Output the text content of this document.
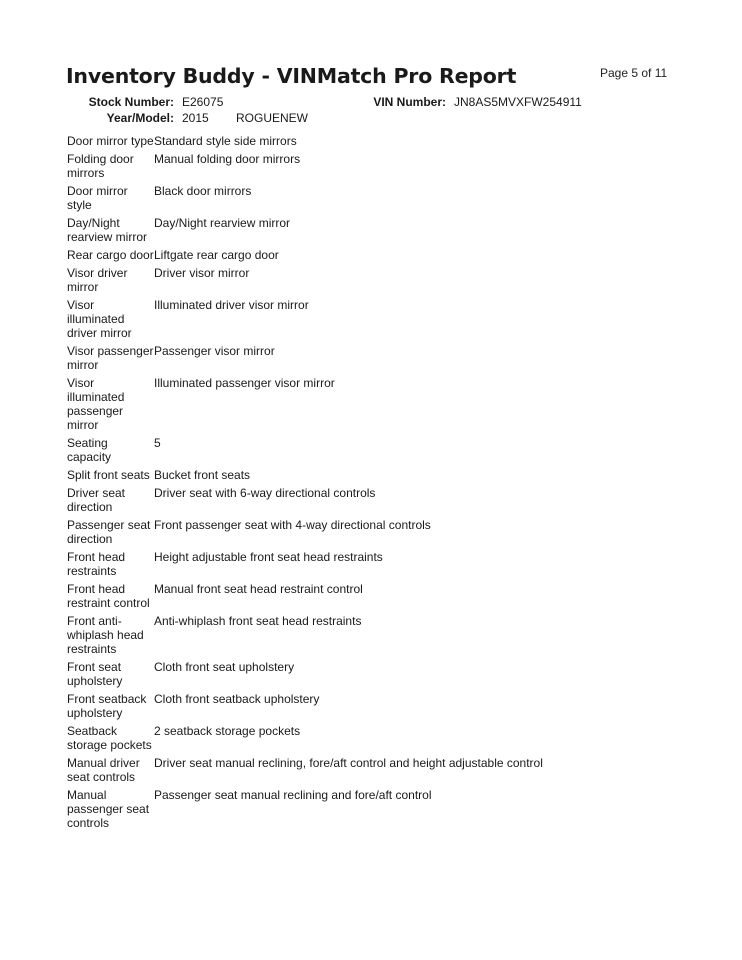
Page 5 of 11
Inventory Buddy - VINMatch Pro Report
Stock Number: E26075	VIN Number: JN8AS5MVXFW254911
Year/Model: 2015 ROGUENEW
Door mirror type Standard style side mirrors
Folding door mirrors
Manual folding door mirrors
Door mirror style
Black door mirrors
Day/Night rearview mirror
Day/Night rearview mirror
Rear cargo door Liftgate rear cargo door
Visor driver mirror
Driver visor mirror
Visor illuminated driver mirror
Illuminated driver visor mirror
Visor passenger mirror
Passenger visor mirror
Visor illuminated passenger mirror
Illuminated passenger visor mirror
Seating capacity
5
Split front seats Bucket front seats
Driver seat direction
Driver seat with 6-way directional controls
Passenger seat direction
Front passenger seat with 4-way directional controls
Front head restraints
Height adjustable front seat head restraints
Front head restraint control
Manual front seat head restraint control
Front anti-whiplash head restraints
Anti-whiplash front seat head restraints
Front seat upholstery
Cloth front seat upholstery
Front seatback upholstery
Cloth front seatback upholstery
Seatback storage pockets
2 seatback storage pockets
Manual driver seat controls
Driver seat manual reclining, fore/aft control and height adjustable control
Manual passenger seat controls
Passenger seat manual reclining and fore/aft control
